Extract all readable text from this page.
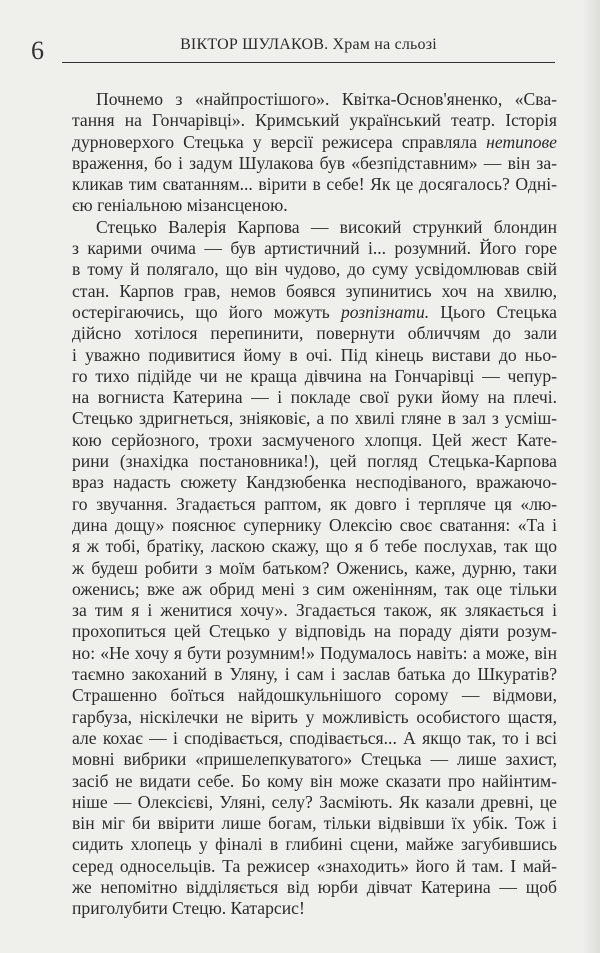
6	ВІКТОР ШУЛАКОВ. Храм на сльозі
Почнемо з «найпростішого». Квітка-Основ'яненко, «Сва-
тання на Гончарівці». Кримський український театр. Історія
дурноверхого Стецька у версії режисера справляла нетипове
враження, бо і задум Шулакова був «безпідставним» — він за-
кликав тим сватанням... вірити в себе! Як це досягалось? Одні-
єю геніальною мізансценою.
Стецько Валерія Карпова — високий стрункий блондин
з карими очима — був артистичний і... розумний. Його горе
в тому й полягало, що він чудово, до суму усвідомлював свій
стан. Карпов грав, немов боявся зупинитись хоч на хвилю,
остерігаючись, що його можуть розпізнати. Цього Стецька
дійсно хотілося перепинити, повернути обличчям до зали
і уважно подивитися йому в очі. Під кінець вистави до ньо-
го тихо підійде чи не краща дівчина на Гончарівці — чепур-
на вогниста Катерина — і покладе свої руки йому на плечі.
Стецько здригнеться, зніяковіє, а по хвилі гляне в зал з усміш-
кою серйозного, трохи засмученого хлопця. Цей жест Кате-
рини (знахідка постановника!), цей погляд Стецька-Карпова
враз надасть сюжету Кандзюбенка несподіваного, вражаючо-
го звучання. Згадається раптом, як довго і терпляче ця «лю-
дина дощу» пояснює супернику Олексію своє сватання: «Та і
я ж тобі, братіку, ласкою скажу, що я б тебе послухав, так що
ж будеш робити з моїм батьком? Оженись, каже, дурню, таки
оженись; вже аж обрид мені з сим оженінням, так оце тільки
за тим я і женитися хочу». Згадається також, як злякається і
прохопиться цей Стецько у відповідь на пораду діяти розум-
но: «Не хочу я бути розумним!» Подумалось навіть: а може, він
таємно закоханий в Уляну, і сам і заслав батька до Шкуратів?
Страшенно боїться найдошкульнішого сорому — відмови,
гарбуза, ніскілечки не вірить у можливість особистого щастя,
але кохає — і сподівається, сподівається... А якщо так, то і всі
мовні вибрики «пришелепкуватого» Стецька — лише захист,
засіб не видати себе. Бо кому він може сказати про найінтим-
ніше — Олексієві, Уляні, селу? Засміють. Як казали древні, це
він міг би ввірити лише богам, тільки відвівши їх убік. Тож і
сидить хлопець у фіналі в глибині сцени, майже загубившись
серед односельців. Та режисер «знаходить» його й там. І май-
же непомітно відділяється від юрби дівчат Катерина — щоб
приголубити Стецю. Катарсис!
